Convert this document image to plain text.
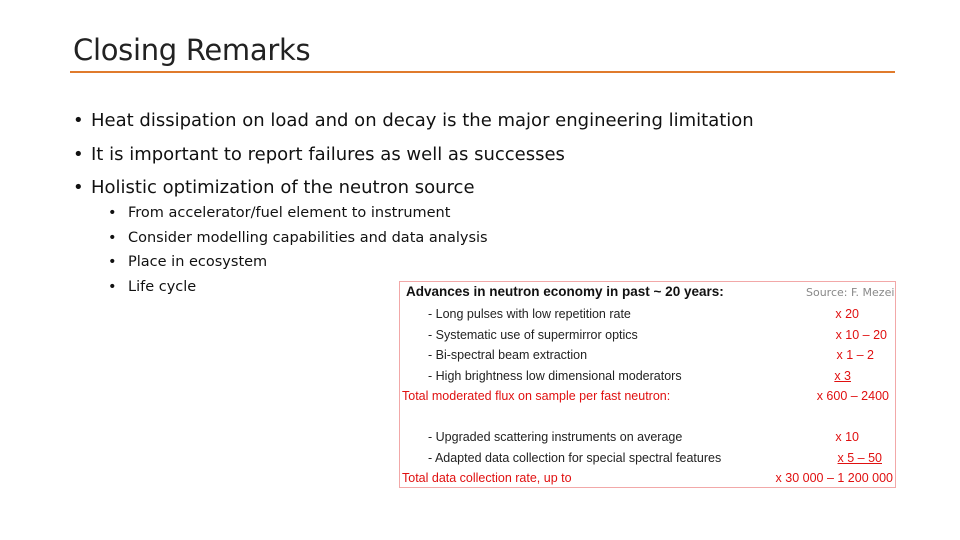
Closing Remarks
• Heat dissipation on load and on decay is the major engineering limitation
• It is important to report failures as well as successes
• Holistic optimization of the neutron source
• From accelerator/fuel element to instrument
• Consider modelling capabilities and data analysis
• Place in ecosystem
• Life cycle	Advances in neutron economy in past ~ 20 years:
- Long pulses with low repetition rate	x 20
- Systematic use of supermirror optics	x 10 – 20
- Bi-spectral beam extraction	x 1 – 2
- High brightness low dimensional moderators	x 3
Total moderated flux on sample per fast neutron:	x 600 – 2400
- Upgraded scattering instruments on average	x 10
- Adapted data collection for special spectral features	x 5 – 50
Total data collection rate, up to	x 30 000 – 1 200 000
Source: F. Mezei
